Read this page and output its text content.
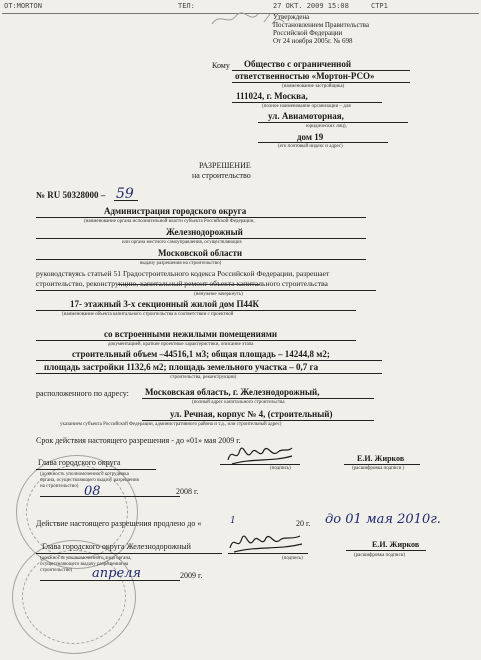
OT:MORTON	ТЕЛ:	27 ОКТ. 2009 15:08	СТР1
Утверждена
Постановлением Правительства
Российской Федерации
От 24 ноября 2005г. № 698
Кому Общество с ограниченной
ответственностью «Мортон-РСО»
(наименование застройщика)
111024, г. Москва,
(полное наименование организации – для
ул. Авиамоторная,
юридических лиц),
дом 19
(его почтовый индекс и адрес)
РАЗРЕШЕНИЕ
на строительство
№ RU 50328000 – 59
Администрация городского округа
(наименование органа исполнительной власти субъекта Российской Федерации,
Железнодорожный
или органа местного самоуправления, осуществляющих
Московской области
выдачу разрешения на строительство)
руководствуясь статьей 51 Градостроительного кодекса Российской Федерации, разрешает
строительство, реконструкцию, капитальный ремонт объекта капитального строительства
(ненужное зачеркнуть)
17- этажный 3-х секционный жилой дом П44К
(наименование объекта капитального строительства в соответствии с проектной
со встроенными нежилыми помещениями
документацией, краткие проектные характеристики, описание этапа
строительный объем –44516,1 м3; общая площадь – 14244,8 м2;
площадь застройки 1132,6 м2; площадь земельного участка – 0,7 га
строительства, реконструкции)
расположенного по адресу: Московская область, г. Железнодорожный,
(полный адрес капитального строительства
ул. Речная, корпус № 4, (строительный)
указанием субъекта Российской Федерации, административного района и т.д., или строительный адрес)
Срок действия настоящего разрешения - до «01» мая 2009 г.
Глава городского округа
(должность уполномоченного сотрудника органа, осуществляющего выдачу разрешения на строительство)
(подпись)
Е.И. Жирков
(расшифровка подписи )
08	2008 г.
Действие настоящего разрешения продлено до «	1	20 г. до 01 мая 2010г.
Глава городского округа Железнодорожный
(должность уполномоченного лица органа, осуществляющего выдачу разрешения на строительство)
(подпись)
Е.И. Жирков
(расшифровка подписи)
апреля	2009 г.
